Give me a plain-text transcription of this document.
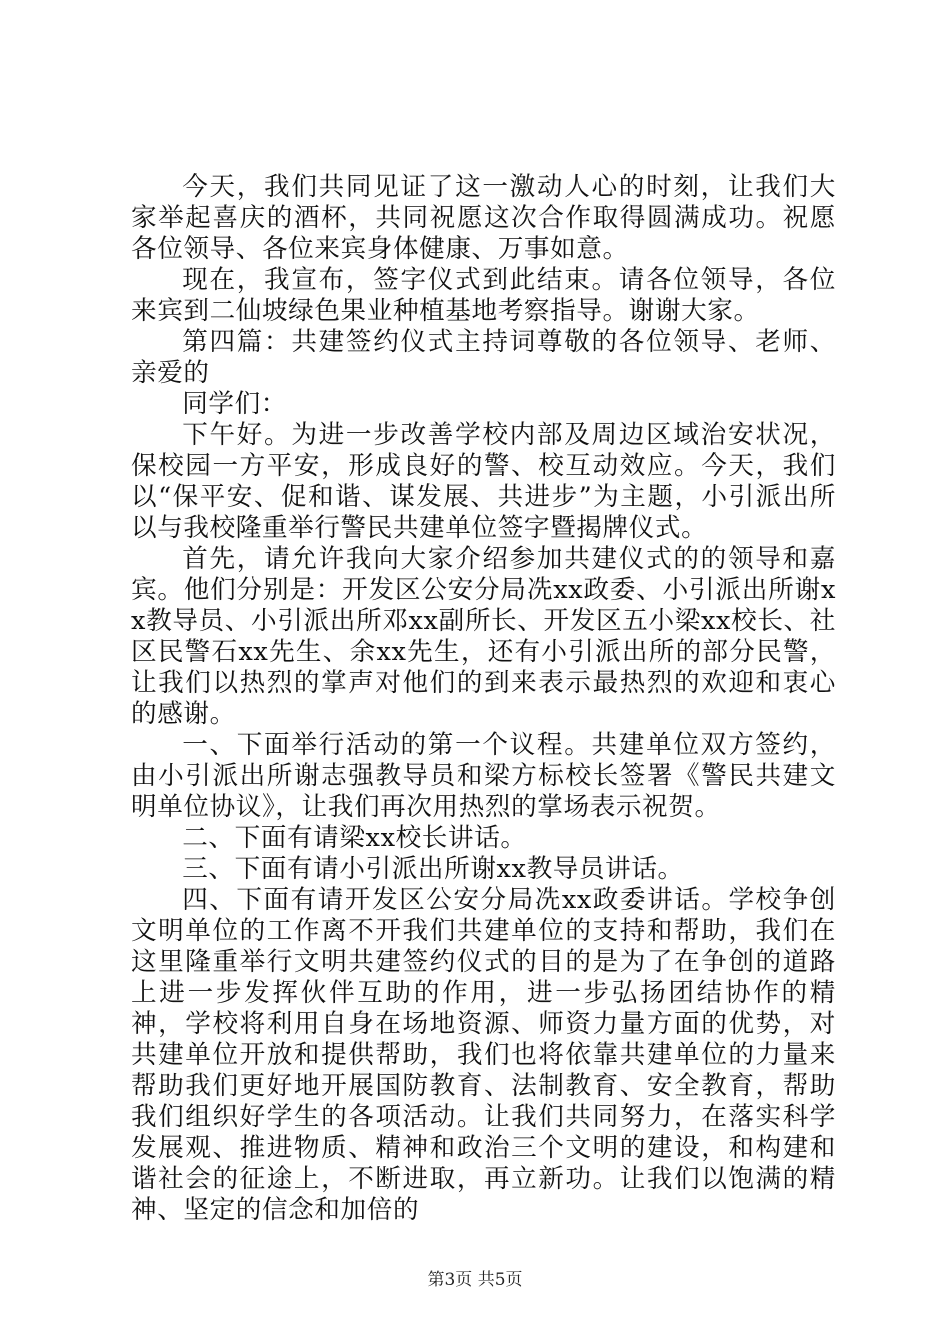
今天，我们共同见证了这一激动人心的时刻，让我们大家举起喜庆的酒杯，共同祝愿这次合作取得圆满成功。祝愿各位领导、各位来宾身体健康、万事如意。

现在，我宣布，签字仪式到此结束。请各位领导，各位来宾到二仙坡绿色果业种植基地考察指导。谢谢大家。

第四篇：共建签约仪式主持词尊敬的各位领导、老师、亲爱的

同学们：

下午好。为进一步改善学校内部及周边区域治安状况，保校园一方平安，形成良好的警、校互动效应。今天，我们以“保平安、促和谐、谋发展、共进步”为主题，小引派出所以与我校隆重举行警民共建单位签字暨揭牌仪式。

首先，请允许我向大家介绍参加共建仪式的的领导和嘉宾。他们分别是：开发区公安分局冼xx政委、小引派出所谢xx教导员、小引派出所邓xx副所长、开发区五小梁xx校长、社区民警石xx先生、余xx先生，还有小引派出所的部分民警，让我们以热烈的掌声对他们的到来表示最热烈的欢迎和衷心的感谢。

一、下面举行活动的第一个议程。共建单位双方签约，由小引派出所谢志强教导员和梁方标校长签署《警民共建文明单位协议》，让我们再次用热烈的掌场表示祝贺。

二、下面有请梁xx校长讲话。

三、下面有请小引派出所谢xx教导员讲话。

四、下面有请开发区公安分局冼xx政委讲话。学校争创文明单位的工作离不开我们共建单位的支持和帮助，我们在这里隆重举行文明共建签约仪式的目的是为了在争创的道路上进一步发挥伙伴互助的作用，进一步弘扬团结协作的精神，学校将利用自身在场地资源、师资力量方面的优势，对共建单位开放和提供帮助，我们也将依靠共建单位的力量来帮助我们更好地开展国防教育、法制教育、安全教育，帮助我们组织好学生的各项活动。让我们共同努力，在落实科学发展观、推进物质、精神和政治三个文明的建设，和构建和谐社会的征途上，不断进取，再立新功。让我们以饱满的精神、坚定的信念和加倍的

第3页 共5页
